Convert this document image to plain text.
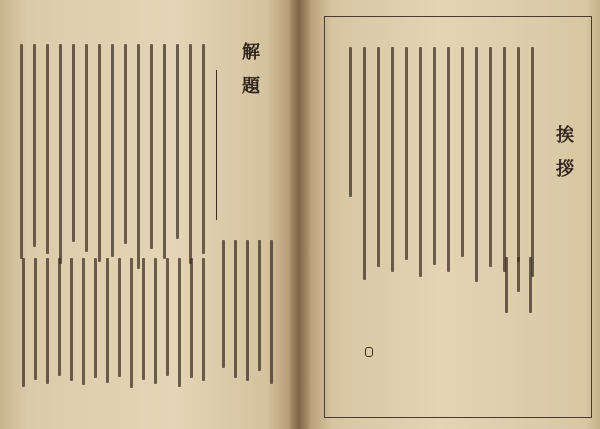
解題
挨拶
